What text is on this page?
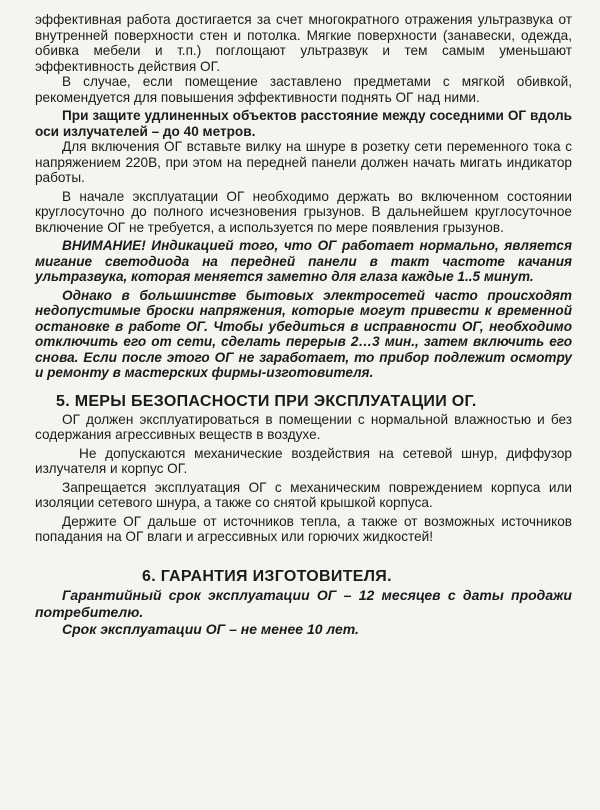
эффективная работа достигается за счет многократного отражения ультразвука от внутренней поверхности стен и потолка. Мягкие поверхности (занавески, одежда, обивка мебели и т.п.) поглощают ультразвук и тем самым уменьшают эффективность действия ОГ.

В случае, если помещение заставлено предметами с мягкой обивкой, рекомендуется для повышения эффективности поднять ОГ над ними.

При защите удлиненных объектов расстояние между соседними ОГ вдоль оси излучателей – до 40 метров.

Для включения ОГ вставьте вилку на шнуре в розетку сети переменного тока с напряжением 220В, при этом на передней панели должен начать мигать индикатор работы.

В начале эксплуатации ОГ необходимо держать во включенном состоянии круглосуточно до полного исчезновения грызунов. В дальнейшем круглосуточное включение ОГ не требуется, а используется по мере появления грызунов.

ВНИМАНИЕ! Индикацией того, что ОГ работает нормально, является мигание светодиода на передней панели в такт частоте качания ультразвука, которая меняется заметно для глаза каждые 1..5 минут.

Однако в большинстве бытовых электросетей часто происходят недопустимые броски напряжения, которые могут привести к временной остановке в работе ОГ. Чтобы убедиться в исправности ОГ, необходимо отключить его от сети, сделать перерыв 2…3 мин., затем включить его снова. Если после этого ОГ не заработает, то прибор подлежит осмотру и ремонту в мастерских фирмы-изготовителя.

5. МЕРЫ БЕЗОПАСНОСТИ ПРИ ЭКСПЛУАТАЦИИ ОГ.

ОГ должен эксплуатироваться в помещении с нормальной влажностью и без содержания агрессивных веществ в воздухе.

Не допускаются механические воздействия на сетевой шнур, диффузор излучателя и корпус ОГ.

Запрещается эксплуатация ОГ с механическим повреждением корпуса или изоляции сетевого шнура, а также со снятой крышкой корпуса.

Держите ОГ дальше от источников тепла, а также от возможных источников попадания на ОГ влаги и агрессивных или горючих жидкостей!

6. ГАРАНТИЯ ИЗГОТОВИТЕЛЯ.

Гарантийный срок эксплуатации ОГ – 12 месяцев с даты продажи потребителю.

Срок эксплуатации ОГ – не менее 10 лет.
